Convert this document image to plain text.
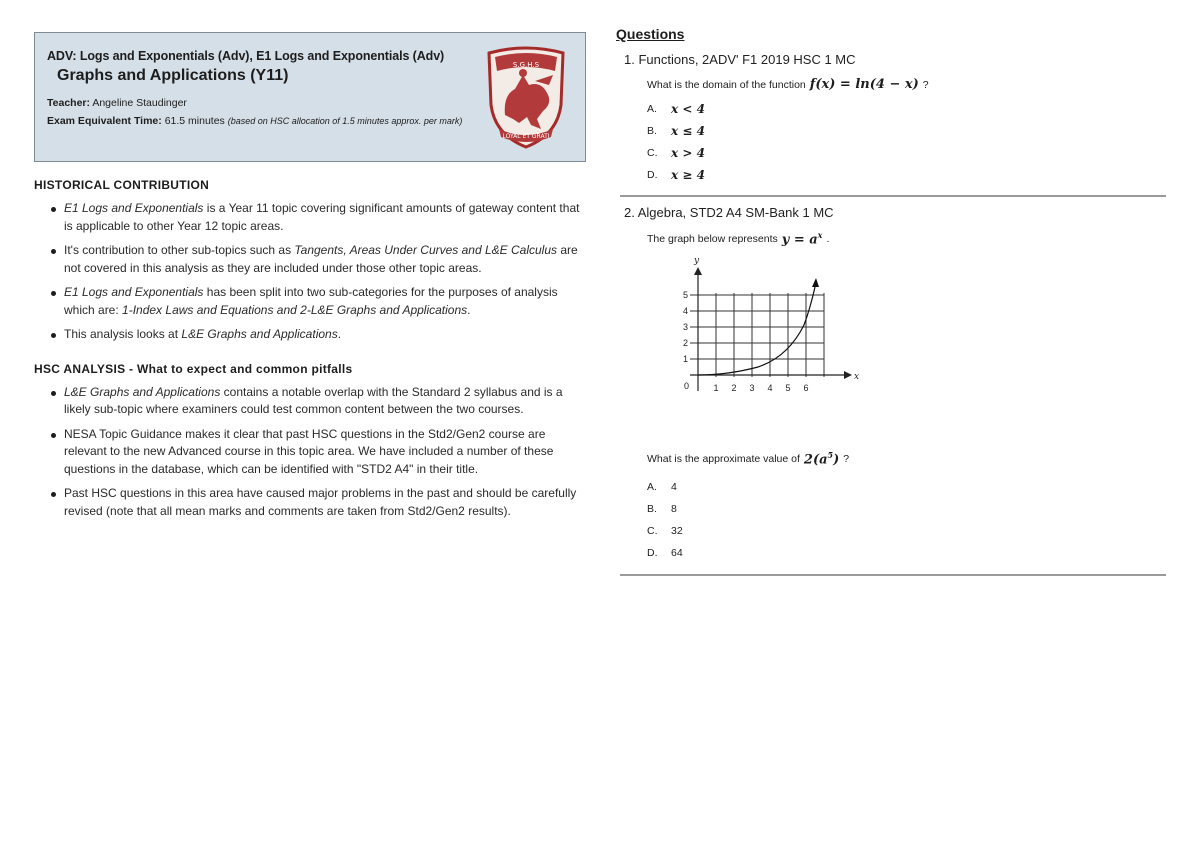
ADV: Logs and Exponentials (Adv), E1 Logs and Exponentials (Adv)

Graphs and Applications (Y11)

Teacher: Angeline Staudinger
Exam Equivalent Time: 61.5 minutes (based on HSC allocation of 1.5 minutes approx. per mark)
S.G.H.S
LOYAL ET GRATI
HISTORICAL CONTRIBUTION
E1 Logs and Exponentials is a Year 11 topic covering significant amounts of gateway content that is applicable to other Year 12 topic areas.
It's contribution to other sub-topics such as Tangents, Areas Under Curves and L&E Calculus are not covered in this analysis as they are included under those other topic areas.
E1 Logs and Exponentials has been split into two sub-categories for the purposes of analysis which are: 1-Index Laws and Equations and 2-L&E Graphs and Applications.
This analysis looks at L&E Graphs and Applications.
HSC ANALYSIS - What to expect and common pitfalls
L&E Graphs and Applications contains a notable overlap with the Standard 2 syllabus and is a likely sub-topic where examiners could test common content between the two courses.
NESA Topic Guidance makes it clear that past HSC questions in the Std2/Gen2 course are relevant to the new Advanced course in this topic area. We have included a number of these questions in the database, which can be identified with "STD2 A4" in their title.
Past HSC questions in this area have caused major problems in the past and should be carefully revised (note that all mean marks and comments are taken from Std2/Gen2 results).
Questions
1. Functions, 2ADV' F1 2019 HSC 1 MC
What is the domain of the function f(x) = ln(4 − x) ?
A.	x < 4
B.	x ≤ 4
C.	x > 4
D.	x ≥ 4
2. Algebra, STD2 A4 SM-Bank 1 MC
The graph below represents $y = a^x$ .
y
x
0	1 2 3 4 5 6
1
2
3
4
5
What is the approximate value of $2(a^5)$ ?
A.	4
B.	8
C.	32
D.	64
